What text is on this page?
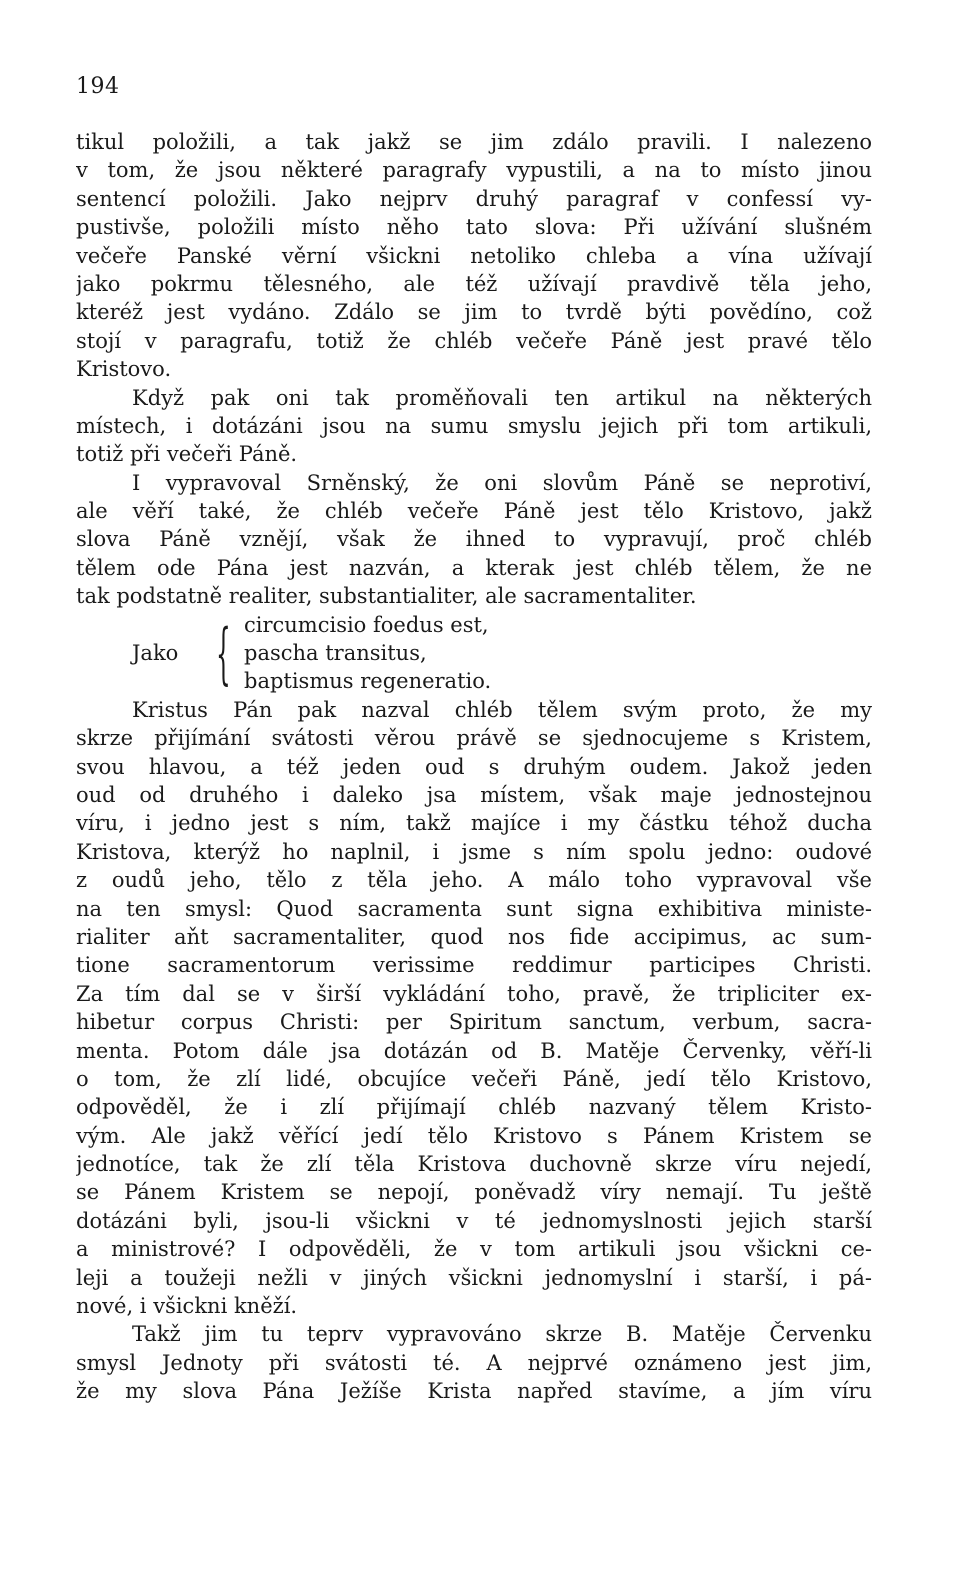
194
tikul položili, a tak jakž se jim zdálo pravili. I nalezeno
v tom, že jsou některé paragrafy vypustili, a na to místo jinou
sentencí položili. Jako nejprv druhý paragraf v confessí vy-
pustivše, položili místo něho tato slova: Při užívání slušném
večeře Panské věrní všickni netoliko chleba a vína užívají
jako pokrmu tělesného, ale též užívají pravdivě těla jeho,
kteréž jest vydáno. Zdálo se jim to tvrdě býti povědíno, což
stojí v paragrafu, totiž že chléb večeře Páně jest pravé tělo
Kristovo.
Když pak oni tak proměňovali ten artikul na některých
místech, i dotázáni jsou na sumu smyslu jejich při tom artikuli,
totiž při večeři Páně.
I vypravoval Srněnský, že oni slovům Páně se neprotiví,
ale věří také, že chléb večeře Páně jest tělo Kristovo, jakž
slova Páně vznějí, však že ihned to vypravují, proč chléb
tělem ode Pána jest nazván, a kterak jest chléb tělem, že ne
tak podstatně realiter, substantialiter, ale sacramentaliter.
Jako { circumcisio foedus est,
pascha transitus,
baptismus regeneratio.
Kristus Pán pak nazval chléb tělem svým proto, že my
skrze přijímání svátosti věrou právě se sjednocujeme s Kristem,
svou hlavou, a též jeden oud s druhým oudem. Jakož jeden
oud od druhého i daleko jsa místem, však maje jednostejnou
víru, i jedno jest s ním, takž majíce i my částku téhož ducha
Kristova, kterýž ho naplnil, i jsme s ním spolu jedno: oudové
z oudů jeho, tělo z těla jeho. A málo toho vypravoval vše
na ten smysl: Quod sacramenta sunt signa exhibitiva ministe-
rialiter aňt sacramentaliter, quod nos fide accipimus, ac sum-
tione sacramentorum verissime reddimur participes Christi.
Za tím dal se v širší vykládání toho, pravě, že tripliciter ex-
hibetur corpus Christi: per Spiritum sanctum, verbum, sacra-
menta. Potom dále jsa dotázán od B. Matěje Červenky, věří-li
o tom, že zlí lidé, obcujíce večeři Páně, jedí tělo Kristovo,
odpověděl, že i zlí přijímají chléb nazvaný tělem Kristo-
vým. Ale jakž věřící jedí tělo Kristovo s Pánem Kristem se
jednotíce, tak že zlí těla Kristova duchovně skrze víru nejedí,
se Pánem Kristem se nepojí, poněvadž víry nemají. Tu ještě
dotázáni byli, jsou-li všickni v té jednomyslnosti jejich starší
a ministrové? I odpověděli, že v tom artikuli jsou všickni ce-
leji a toužeji nežli v jiných všickni jednomyslní i starší, i pá-
nové, i všickni kněží.
Takž jim tu teprv vypravováno skrze B. Matěje Červenku
smysl Jednoty při svátosti té. A nejprvé oznámeno jest jim,
že my slova Pána Ježíše Krista napřed stavíme, a jím víru
